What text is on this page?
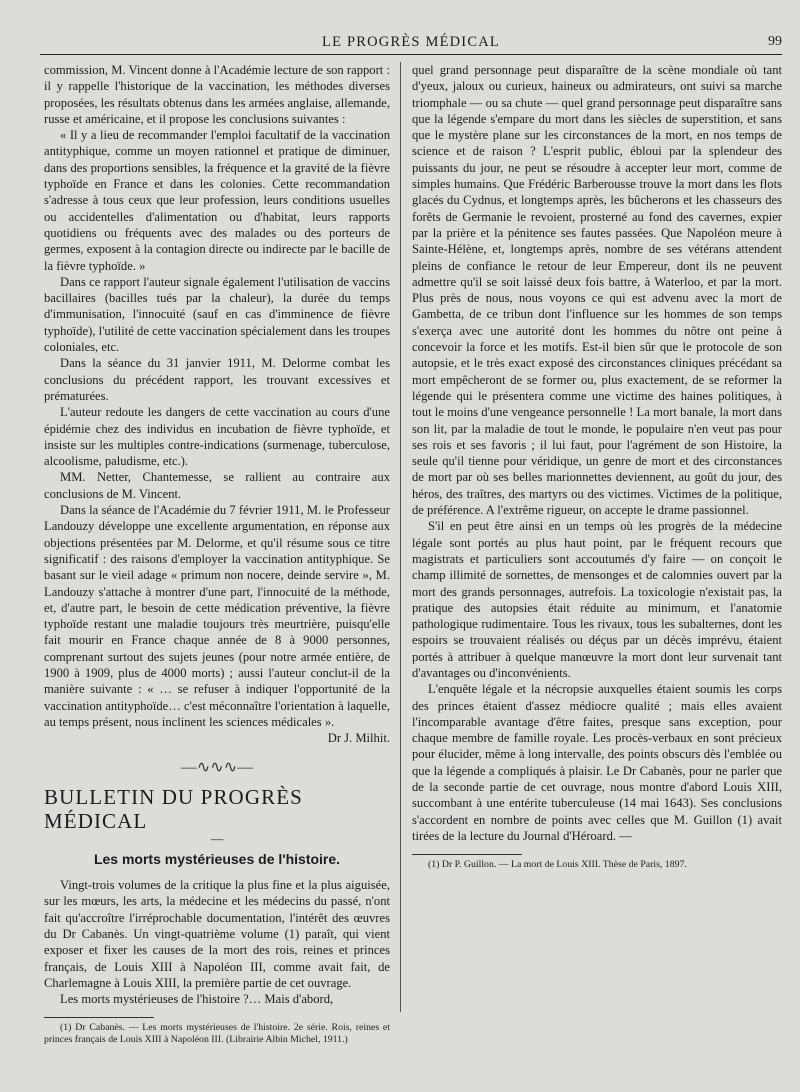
LE PROGRÈS MÉDICAL	99

commission, M. Vincent donne à l'Académie lecture de son rapport : il y rappelle l'historique de la vaccination, les méthodes diverses proposées, les résultats obtenus dans les armées anglaise, allemande, russe et américaine, et il propose les conclusions suivantes :

« Il y a lieu de recommander l'emploi facultatif de la vaccination antityphique, comme un moyen rationnel et pratique de diminuer, dans des proportions sensibles, la fréquence et la gravité de la fièvre typhoïde en France et dans les colonies. Cette recommandation s'adresse à tous ceux que leur profession, leurs conditions usuelles ou accidentelles d'alimentation ou d'habitat, leurs rapports quotidiens ou fréquents avec des malades ou des porteurs de germes, exposent à la contagion directe ou indirecte par le bacille de la fièvre typhoïde. »

Dans ce rapport l'auteur signale également l'utilisation de vaccins bacillaires (bacilles tués par la chaleur), la durée du temps d'immunisation, l'innocuité (sauf en cas d'imminence de fièvre typhoïde), l'utilité de cette vaccination spécialement dans les troupes coloniales, etc.

Dans la séance du 31 janvier 1911, M. Delorme combat les conclusions du précédent rapport, les trouvant excessives et prématurées.

L'auteur redoute les dangers de cette vaccination au cours d'une épidémie chez des individus en incubation de fièvre typhoïde, et insiste sur les multiples contre-indications (surmenage, tuberculose, alcoolisme, paludisme, etc.).

MM. Netter, Chantemesse, se rallient au contraire aux conclusions de M. Vincent.

Dans la séance de l'Académie du 7 février 1911, M. le Professeur Landouzy développe une excellente argumentation, en réponse aux objections présentées par M. Delorme, et qu'il résume sous ce titre significatif : des raisons d'employer la vaccination antityphique. Se basant sur le vieil adage « primum non nocere, deinde servire », M. Landouzy s'attache à montrer d'une part, l'innocuité de la méthode, et, d'autre part, le besoin de cette médication préventive, la fièvre typhoïde restant une maladie toujours très meurtrière, puisqu'elle fait mourir en France chaque année de 8 à 9000 personnes, comprenant surtout des sujets jeunes (pour notre armée entière, de 1900 à 1909, plus de 4000 morts) ; aussi l'auteur conclut-il de la manière suivante : « … se refuser à indiquer l'opportunité de la vaccination antityphoïde… c'est méconnaître l'orientation à laquelle, au temps présent, nous inclinent les sciences médicales ».

Dr J. Milhit.

—∿∿∿—
BULLETIN DU PROGRÈS MÉDICAL
—
Les morts mystérieuses de l'histoire.

Vingt-trois volumes de la critique la plus fine et la plus aiguisée, sur les mœurs, les arts, la médecine et les médecins du passé, n'ont fait qu'accroître l'irréprochable documentation, l'intérêt des œuvres du Dr Cabanès. Un vingt-quatrième volume (1) paraît, qui vient exposer et fixer les causes de la mort des rois, reines et princes français, de Louis XIII à Napoléon III, comme avait fait, de Charlemagne à Louis XIII, la première partie de cet ouvrage.

Les morts mystérieuses de l'histoire ?… Mais d'abord,

(1) Dr Cabanès. — Les morts mystérieuses de l'histoire. 2e série. Rois, reines et princes français de Louis XIII à Napoléon III. (Librairie Albin Michel, 1911.)

quel grand personnage peut disparaître de la scène mondiale où tant d'yeux, jaloux ou curieux, haineux ou admirateurs, ont suivi sa marche triomphale — ou sa chute — quel grand personnage peut disparaître sans que la légende s'empare du mort dans les siècles de superstition, et sans que le mystère plane sur les circonstances de la mort, en nos temps de science et de raison ? L'esprit public, ébloui par la splendeur des puissants du jour, ne peut se résoudre à accepter leur mort, comme de simples humains. Que Frédéric Barberousse trouve la mort dans les flots glacés du Cydnus, et longtemps après, les bûcherons et les chasseurs des forêts de Germanie le revoient, prosterné au fond des cavernes, expier par la prière et la pénitence ses fautes passées. Que Napoléon meure à Sainte-Hélène, et, longtemps après, nombre de ses vétérans attendent pleins de confiance le retour de leur Empereur, dont ils ne peuvent admettre qu'il se soit laissé deux fois battre, à Waterloo, et par la mort. Plus près de nous, nous voyons ce qui est advenu avec la mort de Gambetta, de ce tribun dont l'influence sur les hommes de son temps s'exerça avec une autorité dont les hommes du nôtre ont peine à concevoir la force et les motifs. Est-il bien sûr que le protocole de son autopsie, et le très exact exposé des circonstances cliniques précédant sa mort empêcheront de se former ou, plus exactement, de se reformer la légende qui le présentera comme une victime des haines politiques, à tout le moins d'une vengeance personnelle ! La mort banale, la mort dans son lit, par la maladie de tout le monde, le populaire n'en veut pas pour ses rois et ses favoris ; il lui faut, pour l'agrément de son Histoire, la seule qu'il tienne pour véridique, un genre de mort et des circonstances de mort par où ses belles marionnettes deviennent, au goût du jour, des héros, des traîtres, des martyrs ou des victimes. Victimes de la politique, de préférence. A l'extrême rigueur, on accepte le drame passionnel.

S'il en peut être ainsi en un temps où les progrès de la médecine légale sont portés au plus haut point, par le fréquent recours que magistrats et particuliers sont accoutumés d'y faire — on conçoit le champ illimité de sornettes, de mensonges et de calomnies ouvert par la mort des grands personnages, autrefois. La toxicologie n'existait pas, la pratique des autopsies était réduite au minimum, et l'anatomie pathologique rudimentaire. Tous les rivaux, tous les subalternes, dont les espoirs se trouvaient réalisés ou déçus par un décès imprévu, étaient portés à attribuer à quelque manœuvre la mort dont leur survenait tant d'avantages ou d'inconvénients.

L'enquête légale et la nécropsie auxquelles étaient soumis les corps des princes étaient d'assez médiocre qualité ; mais elles avaient l'incomparable avantage d'être faites, presque sans exception, pour chaque membre de famille royale. Les procès-verbaux en sont précieux pour élucider, même à long intervalle, des points obscurs dès l'emblée ou que la légende a compliqués à plaisir. Le Dr Cabanès, pour ne parler que de la seconde partie de cet ouvrage, nous montre d'abord Louis XIII, succombant à une entérite tuberculeuse (14 mai 1643). Ses conclusions s'accordent en nombre de points avec celles que M. Guillon (1) avait tirées de la lecture du Journal d'Héroard. —

(1) Dr P. Guillon. — La mort de Louis XIII. Thèse de Paris, 1897.
